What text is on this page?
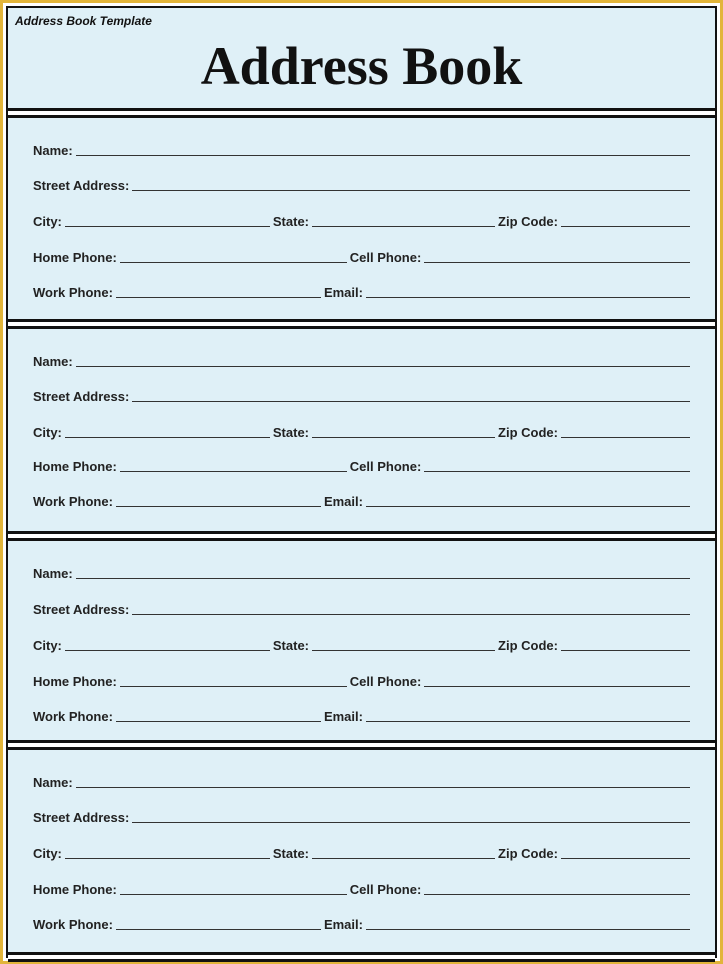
Address Book Template
Address Book
Name:
Street Address:
City:	State:	Zip Code:
Home Phone:	Cell Phone:
Work Phone:	Email:
Name:
Street Address:
City:	State:	Zip Code:
Home Phone:	Cell Phone:
Work Phone:	Email:
Name:
Street Address:
City:	State:	Zip Code:
Home Phone:	Cell Phone:
Work Phone:	Email:
Name:
Street Address:
City:	State:	Zip Code:
Home Phone:	Cell Phone:
Work Phone:	Email:
